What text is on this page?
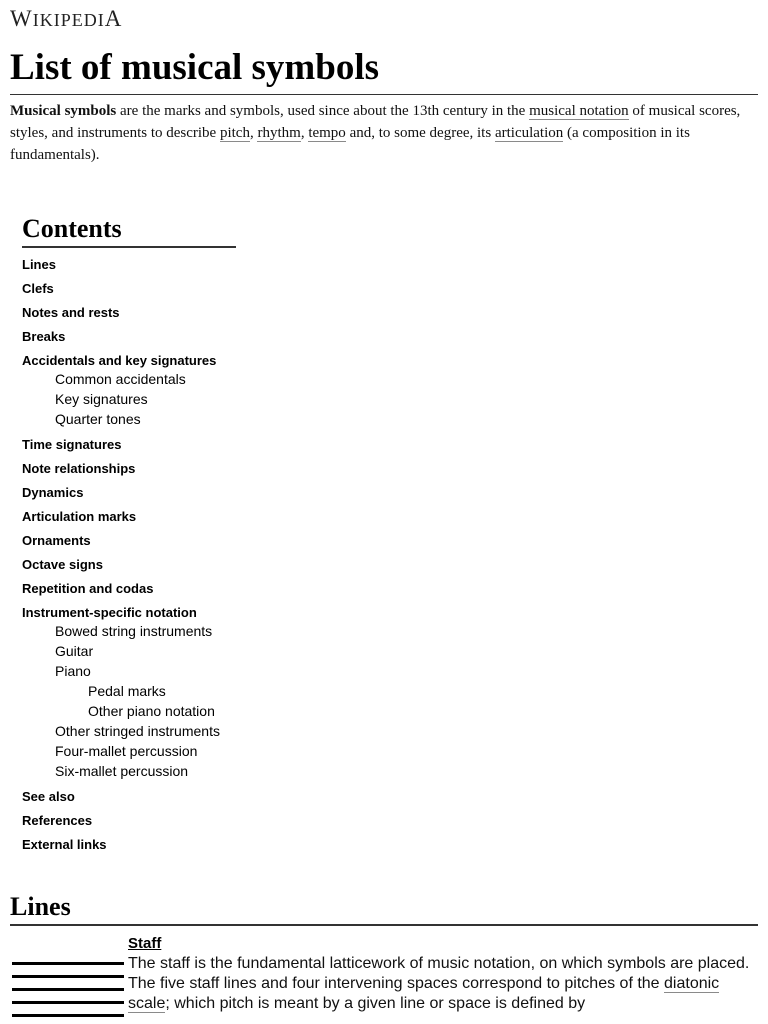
WIKIPEDIA
List of musical symbols

Musical symbols are the marks and symbols, used since about the 13th century in the musical notation of musical scores, styles, and instruments to describe pitch, rhythm, tempo and, to some degree, its articulation (a composition in its fundamentals).

Contents
Lines
Clefs
Notes and rests
Breaks
Accidentals and key signatures
Common accidentals
Key signatures
Quarter tones
Time signatures
Note relationships
Dynamics
Articulation marks
Ornaments
Octave signs
Repetition and codas
Instrument-specific notation
Bowed string instruments
Guitar
Piano
Pedal marks
Other piano notation
Other stringed instruments
Four-mallet percussion
Six-mallet percussion
See also
References
External links
Lines

Staff

The staff is the fundamental latticework of music notation, on which symbols are placed. The five staff lines and four intervening spaces correspond to pitches of the diatonic scale; which pitch is meant by a given line or space is defined by
